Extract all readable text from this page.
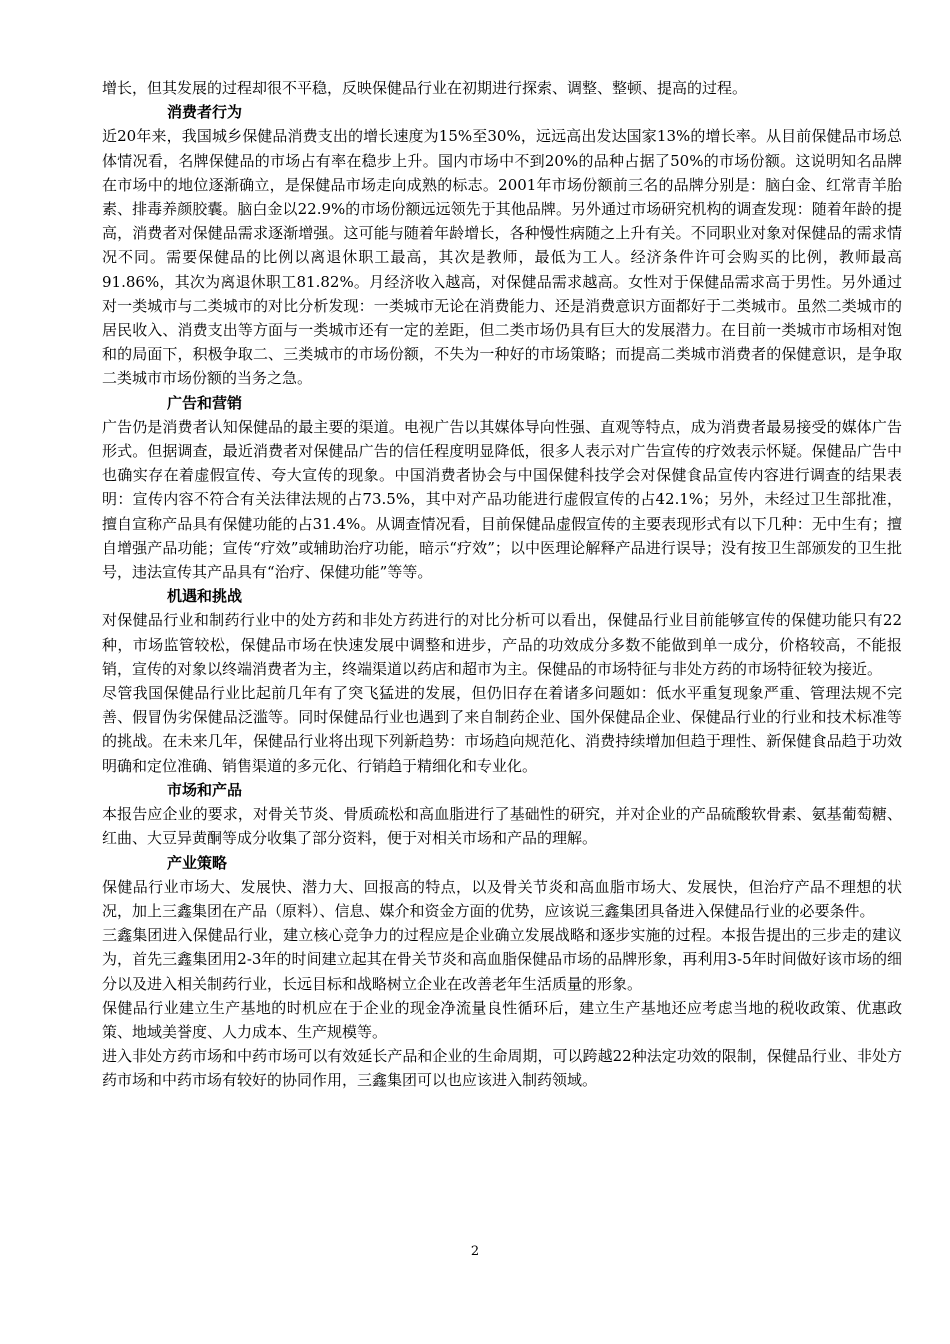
增长，但其发展的过程却很不平稳，反映保健品行业在初期进行探索、调整、整顿、提高的过程。

消费者行为

近20年来，我国城乡保健品消费支出的增长速度为15%至30%，远远高出发达国家13%的增长率。从目前保健品市场总体情况看，名牌保健品的市场占有率在稳步上升。国内市场中不到20%的品种占据了50%的市场份额。这说明知名品牌在市场中的地位逐渐确立，是保健品市场走向成熟的标志。2001年市场份额前三名的品牌分别是：脑白金、红常青羊胎素、排毒养颜胶囊。脑白金以22.9%的市场份额远远领先于其他品牌。另外通过市场研究机构的调查发现：随着年龄的提高，消费者对保健品需求逐渐增强。这可能与随着年龄增长，各种慢性病随之上升有关。不同职业对象对保健品的需求情况不同。需要保健品的比例以离退休职工最高，其次是教师，最低为工人。经济条件许可会购买的比例，教师最高91.86%，其次为离退休职工81.82%。月经济收入越高，对保健品需求越高。女性对于保健品需求高于男性。另外通过对一类城市与二类城市的对比分析发现：一类城市无论在消费能力、还是消费意识方面都好于二类城市。虽然二类城市的居民收入、消费支出等方面与一类城市还有一定的差距，但二类市场仍具有巨大的发展潜力。在目前一类城市市场相对饱和的局面下，积极争取二、三类城市的市场份额，不失为一种好的市场策略；而提高二类城市消费者的保健意识，是争取二类城市市场份额的当务之急。

广告和营销

广告仍是消费者认知保健品的最主要的渠道。电视广告以其媒体导向性强、直观等特点，成为消费者最易接受的媒体广告形式。但据调查，最近消费者对保健品广告的信任程度明显降低，很多人表示对广告宣传的疗效表示怀疑。保健品广告中也确实存在着虚假宣传、夸大宣传的现象。中国消费者协会与中国保健科技学会对保健食品宣传内容进行调查的结果表明：宣传内容不符合有关法律法规的占73.5%，其中对产品功能进行虚假宣传的占42.1%；另外，未经过卫生部批准，擅自宣称产品具有保健功能的占31.4%。从调查情况看，目前保健品虚假宣传的主要表现形式有以下几种：无中生有；擅自增强产品功能；宣传“疗效”或辅助治疗功能，暗示“疗效”；以中医理论解释产品进行误导；没有按卫生部颁发的卫生批号，违法宣传其产品具有“治疗、保健功能”等等。

机遇和挑战

对保健品行业和制药行业中的处方药和非处方药进行的对比分析可以看出，保健品行业目前能够宣传的保健功能只有22种，市场监管较松，保健品市场在快速发展中调整和进步，产品的功效成分多数不能做到单一成分，价格较高，不能报销，宣传的对象以终端消费者为主，终端渠道以药店和超市为主。保健品的市场特征与非处方药的市场特征较为接近。

尽管我国保健品行业比起前几年有了突飞猛进的发展，但仍旧存在着诸多问题如：低水平重复现象严重、管理法规不完善、假冒伪劣保健品泛滥等。同时保健品行业也遇到了来自制药企业、国外保健品企业、保健品行业的行业和技术标准等的挑战。在未来几年，保健品行业将出现下列新趋势：市场趋向规范化、消费持续增加但趋于理性、新保健食品趋于功效明确和定位准确、销售渠道的多元化、行销趋于精细化和专业化。

市场和产品

本报告应企业的要求，对骨关节炎、骨质疏松和高血脂进行了基础性的研究，并对企业的产品硫酸软骨素、氨基葡萄糖、红曲、大豆异黄酮等成分收集了部分资料，便于对相关市场和产品的理解。

产业策略

保健品行业市场大、发展快、潜力大、回报高的特点，以及骨关节炎和高血脂市场大、发展快，但治疗产品不理想的状况，加上三鑫集团在产品（原料）、信息、媒介和资金方面的优势，应该说三鑫集团具备进入保健品行业的必要条件。

三鑫集团进入保健品行业，建立核心竞争力的过程应是企业确立发展战略和逐步实施的过程。本报告提出的三步走的建议为，首先三鑫集团用2-3年的时间建立起其在骨关节炎和高血脂保健品市场的品牌形象，再利用3-5年时间做好该市场的细分以及进入相关制药行业，长远目标和战略树立企业在改善老年生活质量的形象。

保健品行业建立生产基地的时机应在于企业的现金净流量良性循环后，建立生产基地还应考虑当地的税收政策、优惠政策、地域美誉度、人力成本、生产规模等。

进入非处方药市场和中药市场可以有效延长产品和企业的生命周期，可以跨越22种法定功效的限制，保健品行业、非处方药市场和中药市场有较好的协同作用，三鑫集团可以也应该进入制药领域。

2
